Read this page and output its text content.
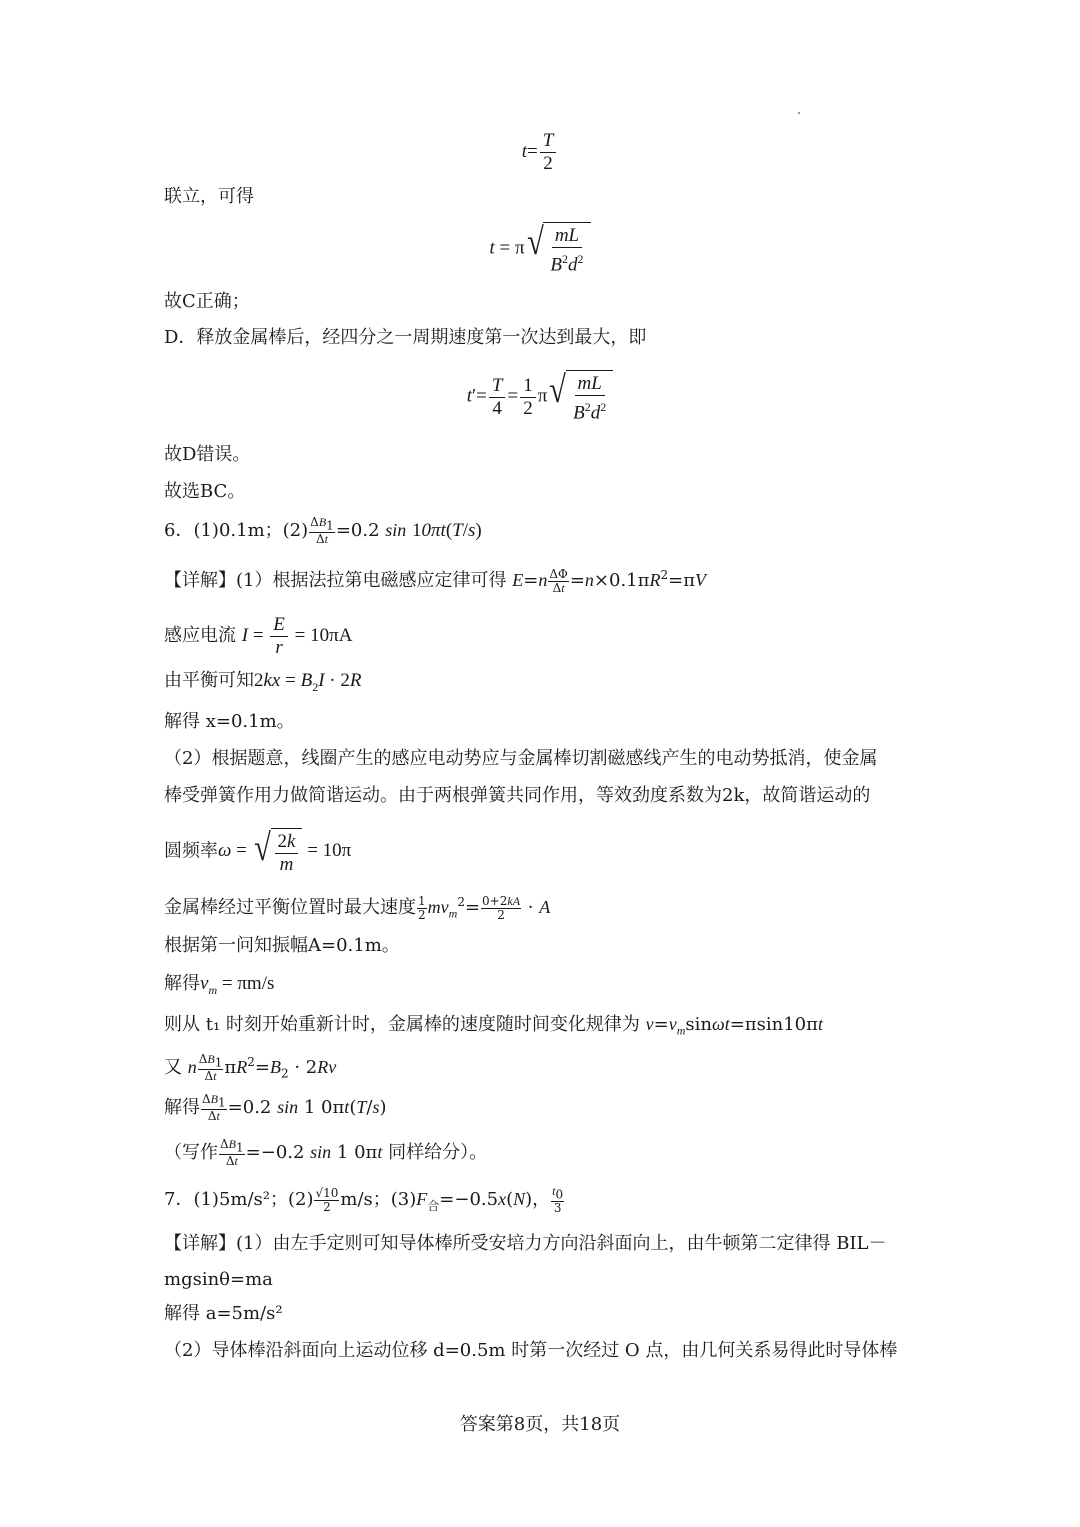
$t= \frac{T}{2}$
联立，可得
t = π √ $\frac{mL}{B^2d^2}$
故C正确；
D．释放金属棒后，经四分之一周期速度第一次达到最大，即
$t'= \frac{T}{4} = \frac{1}{2}$ π √ $\frac{mL}{B^2d^2}$
故D错误。
故选BC。
6．(1)0.1m；$(2) \frac{\Delta B_1}{\Delta t} =0.2$ sin 10πt(T/s)
【详解】(1）根据法拉第电磁感应定律可得 $E=n \frac{\Delta\Phi}{\Delta t} =n\times 0.1\pi R^2=\pi V$
感应电流 $I = \frac{E}{r} = 10\pi A$
由平衡可知$2kx = B_2I \cdot 2R$
解得 x=0.1m。
（2）根据题意，线圈产生的感应电动势应与金属棒切割磁感线产生的电动势抵消，使金属
棒受弹簧作用力做简谐运动。由于两根弹簧共同作用，等效劲度系数为2k，故简谐运动的
圆频率ω = √ $\frac{2k}{m} = 10\pi$
金属棒经过平衡位置时最大速度 $\frac{1}{2} mv_m^2= \frac{0+2kA}{2} \cdot A$
根据第一问知振幅A=0.1m。
解得$v_m = \pi m/s$
则从 t₁ 时刻开始重新计时，金属棒的速度随时间变化规律为 $v=v_m\sin\omega t=\pi\sin 10\pi t$
又 n $\frac{\Delta B_1}{\Delta t} \pi R^2=B_2 \cdot 2Rv$
解得 $\frac{\Delta B_1}{\Delta t} =0.2$ sin 1 0πt(T/s)
（写作 $\frac{\Delta B_1}{\Delta t} =-0.2$ sin 1 0πt 同样给分）。
7．(1)5m/s²；$(2) \frac{√10}{2} m/s$；$(3)F_合=-0.5x(N)$， $\frac{t_0}{3}$
【详解】(1）由左手定则可知导体棒所受安培力方向沿斜面向上，由牛顿第二定律得 BIL－
mgsinθ=ma
解得 a=5m/s²
（2）导体棒沿斜面向上运动位移 d=0.5m 时第一次经过 O 点，由几何关系易得此时导体棒
答案第8页，共18页
